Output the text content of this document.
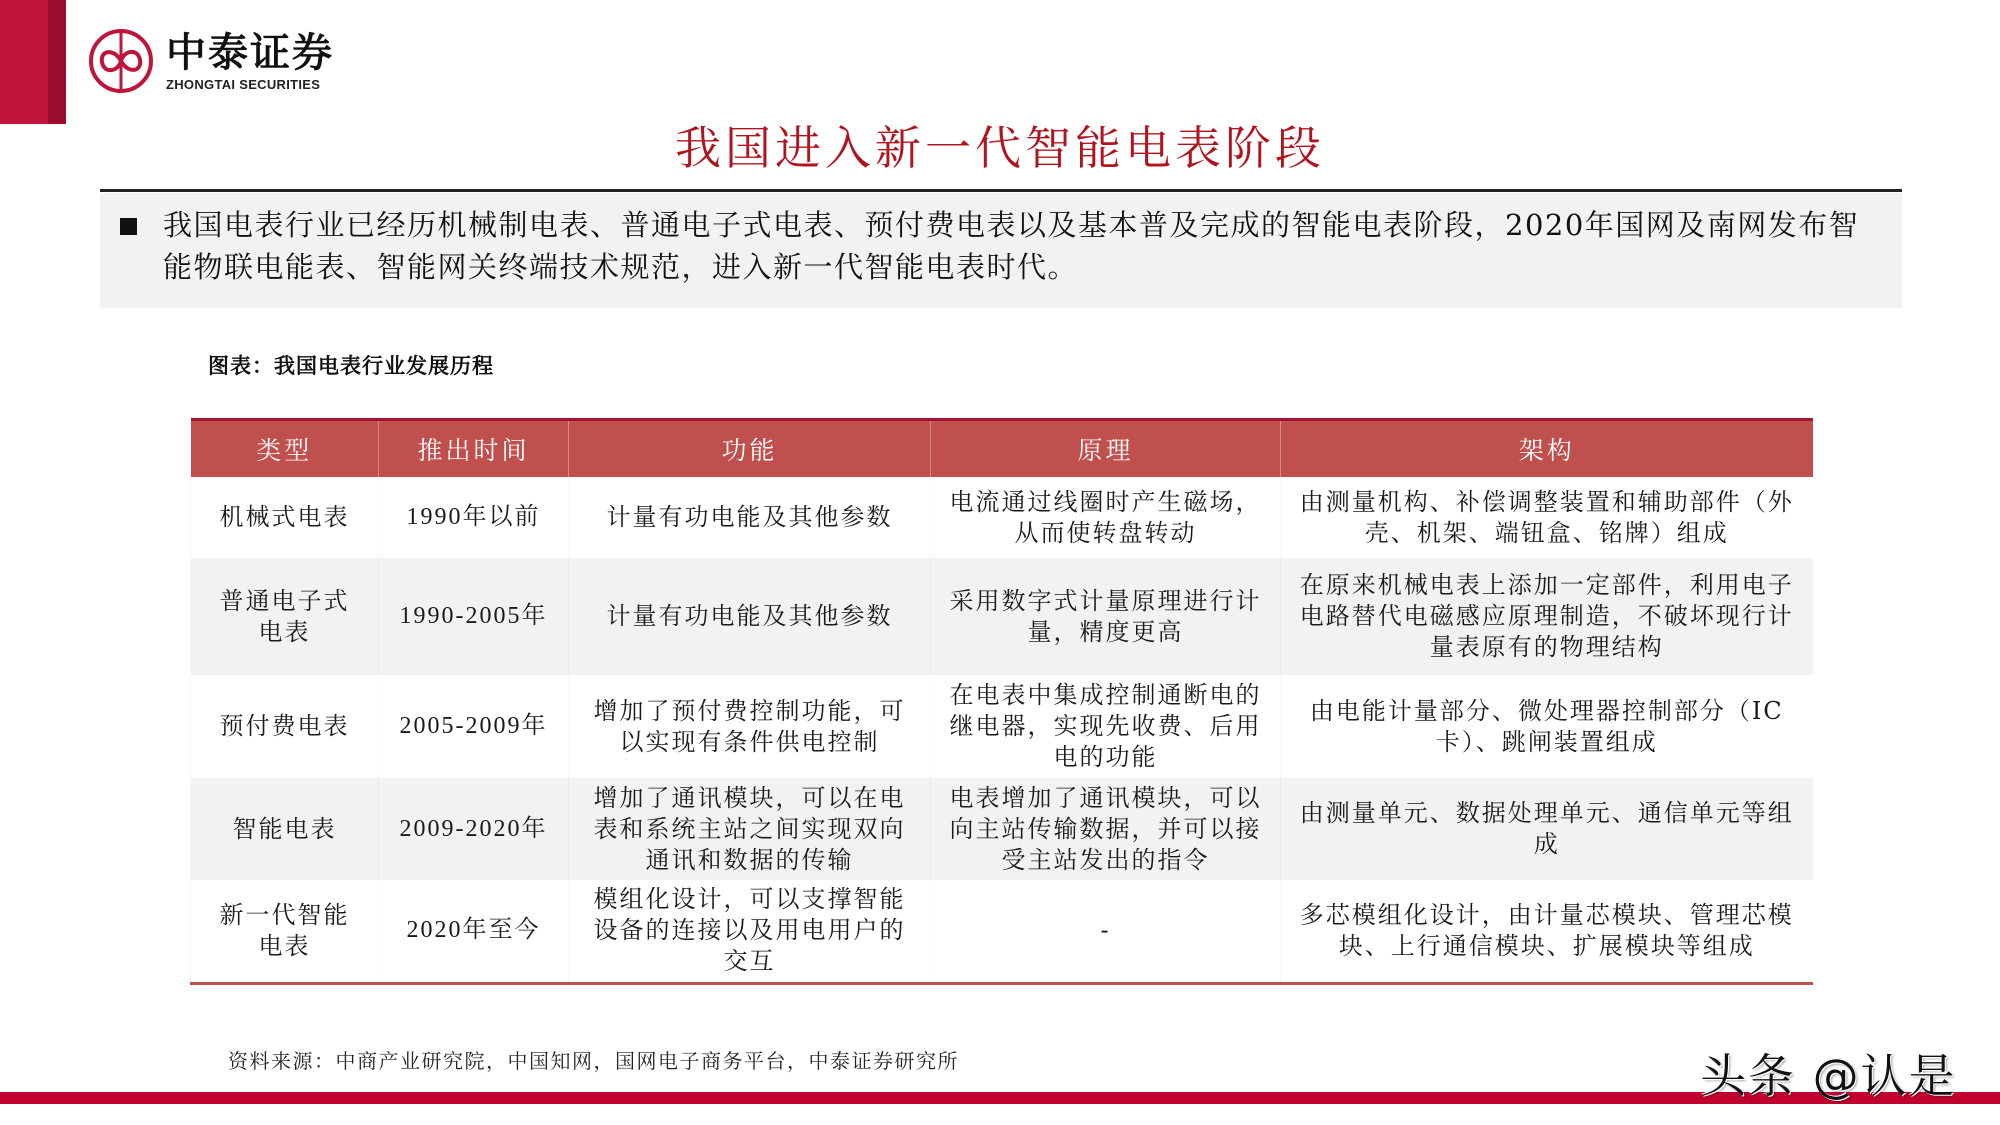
中泰证券
ZHONGTAI SECURITIES
我国进入新一代智能电表阶段
我国电表行业已经历机械制电表、普通电子式电表、预付费电表以及基本普及完成的智能电表阶段，2020年国网及南网发布智能物联电能表、智能网关终端技术规范，进入新一代智能电表时代。
图表：我国电表行业发展历程
类型	推出时间	功能	原理	架构
机械式电表	1990年以前	计量有功电能及其他参数	电流通过线圈时产生磁场，从而使转盘转动	由测量机构、补偿调整装置和辅助部件（外壳、机架、端钮盒、铭牌）组成
普通电子式电表	1990-2005年	计量有功电能及其他参数	采用数字式计量原理进行计量，精度更高	在原来机械电表上添加一定部件，利用电子电路替代电磁感应原理制造，不破坏现行计量表原有的物理结构
预付费电表	2005-2009年	增加了预付费控制功能，可以实现有条件供电控制	在电表中集成控制通断电的继电器，实现先收费、后用电的功能	由电能计量部分、微处理器控制部分（IC卡）、跳闸装置组成
智能电表	2009-2020年	增加了通讯模块，可以在电表和系统主站之间实现双向通讯和数据的传输	电表增加了通讯模块，可以向主站传输数据，并可以接受主站发出的指令	由测量单元、数据处理单元、通信单元等组成
新一代智能电表	2020年至今	模组化设计，可以支撑智能设备的连接以及用电用户的交互	-	多芯模组化设计，由计量芯模块、管理芯模块、上行通信模块、扩展模块等组成
资料来源：中商产业研究院，中国知网，国网电子商务平台，中泰证券研究所	头条 @认是
